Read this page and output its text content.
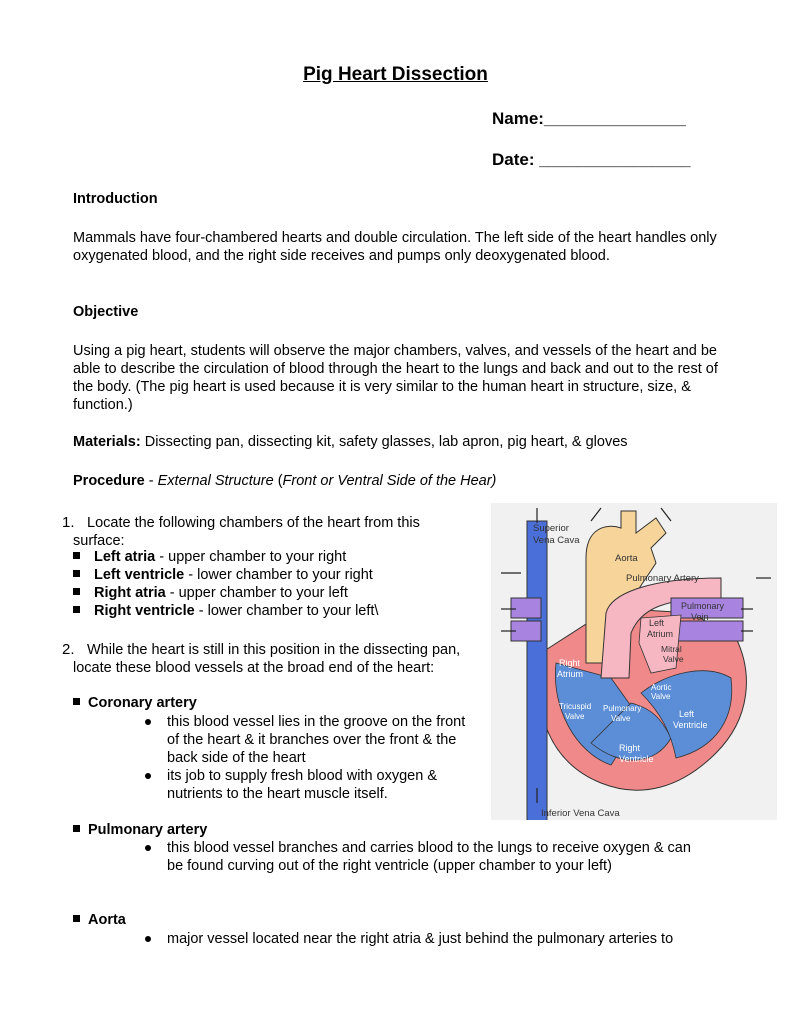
Pig Heart Dissection
Name:_______________
Date: ________________
Introduction
Mammals have four-chambered hearts and double circulation. The left side of the heart handles only oxygenated blood, and the right side receives and pumps only deoxygenated blood.
Objective
Using a pig heart, students will observe the major chambers, valves, and vessels of the heart and be able to describe the circulation of blood through the heart to the lungs and back and out to the rest of the body. (The pig heart is used because it is very similar to the human heart in structure, size, & function.)
Materials: Dissecting pan, dissecting kit, safety glasses, lab apron, pig heart, & gloves
Procedure - External Structure (Front or Ventral Side of the Hear)
1. Locate the following chambers of the heart from this surface:
Left atria - upper chamber to your right
Left ventricle - lower chamber to your right
Right atria - upper chamber to your left
Right ventricle - lower chamber to your left\
2. While the heart is still in this position in the dissecting pan, locate these blood vessels at the broad end of the heart:
Coronary artery
this blood vessel lies in the groove on the front of the heart & it branches over the front & the back side of the heart
its job to supply fresh blood with oxygen & nutrients to the heart muscle itself.
Pulmonary artery
this blood vessel branches and carries blood to the lungs to receive oxygen & can be found curving out of the right ventricle (upper chamber to your left)
Aorta
major vessel located near the right atria & just behind the pulmonary arteries to
Superior
Vena Cava
Aorta
Pulmonary Artery
Pulmonary
Vein
Left
Atrium
Mitral
Valve
Right
Atrium
Aortic
Valve
Tricuspid
Valve
Pulmonary
Valve	Left
Ventricle
Right
Ventricle
Inferior Vena Cava
